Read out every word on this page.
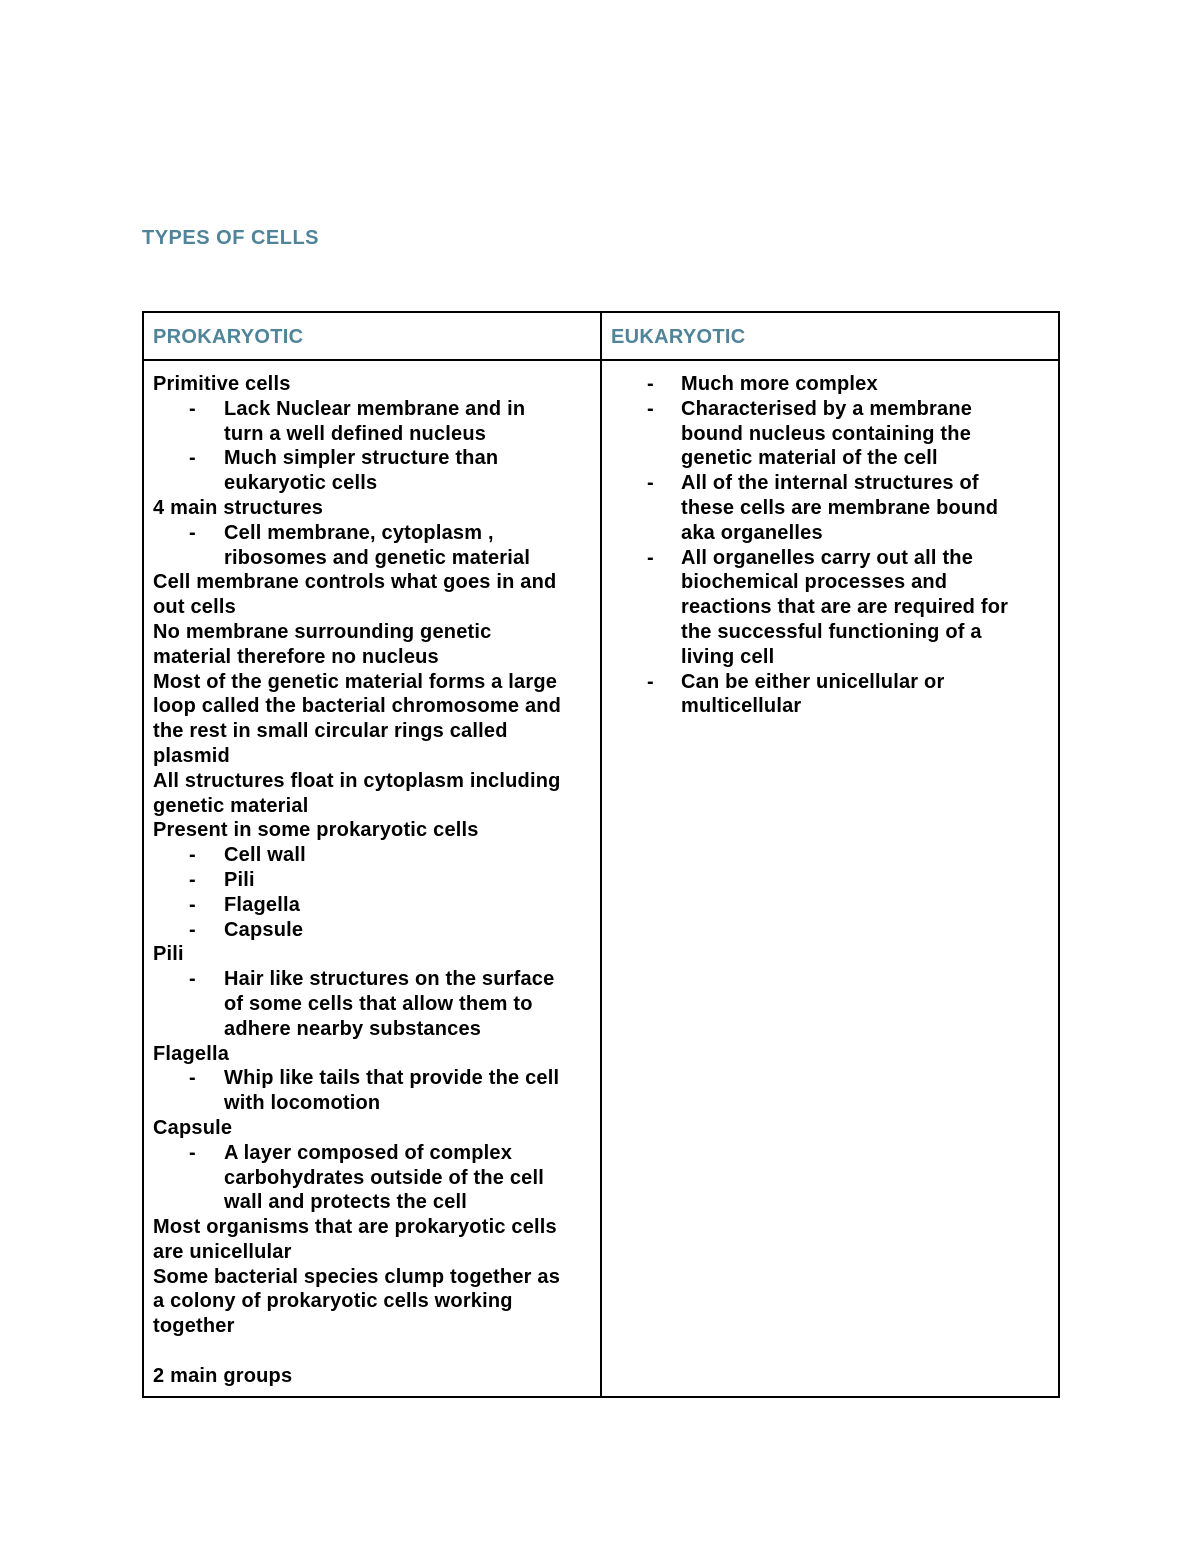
TYPES OF CELLS
PROKARYOTIC	EUKARYOTIC
Primitive cells
- Lack Nuclear membrane and in
turn a well defined nucleus
- Much simpler structure than
eukaryotic cells
4 main structures
- Cell membrane, cytoplasm ,
ribosomes and genetic material
Cell membrane controls what goes in and
out cells
No membrane surrounding genetic
material therefore no nucleus
Most of the genetic material forms a large
loop called the bacterial chromosome and
the rest in small circular rings called
plasmid
All structures float in cytoplasm including
genetic material
Present in some prokaryotic cells
- Cell wall
- Pili
- Flagella
- Capsule
Pili
- Hair like structures on the surface
of some cells that allow them to
adhere nearby substances
Flagella
- Whip like tails that provide the cell
with locomotion
Capsule
- A layer composed of complex
carbohydrates outside of the cell
wall and protects the cell
Most organisms that are prokaryotic cells
are unicellular
Some bacterial species clump together as
a colony of prokaryotic cells working
together
2 main groups
- Much more complex
- Characterised by a membrane
bound nucleus containing the
genetic material of the cell
- All of the internal structures of
these cells are membrane bound
aka organelles
- All organelles carry out all the
biochemical processes and
reactions that are are required for
the successful functioning of a
living cell
- Can be either unicellular or
multicellular
